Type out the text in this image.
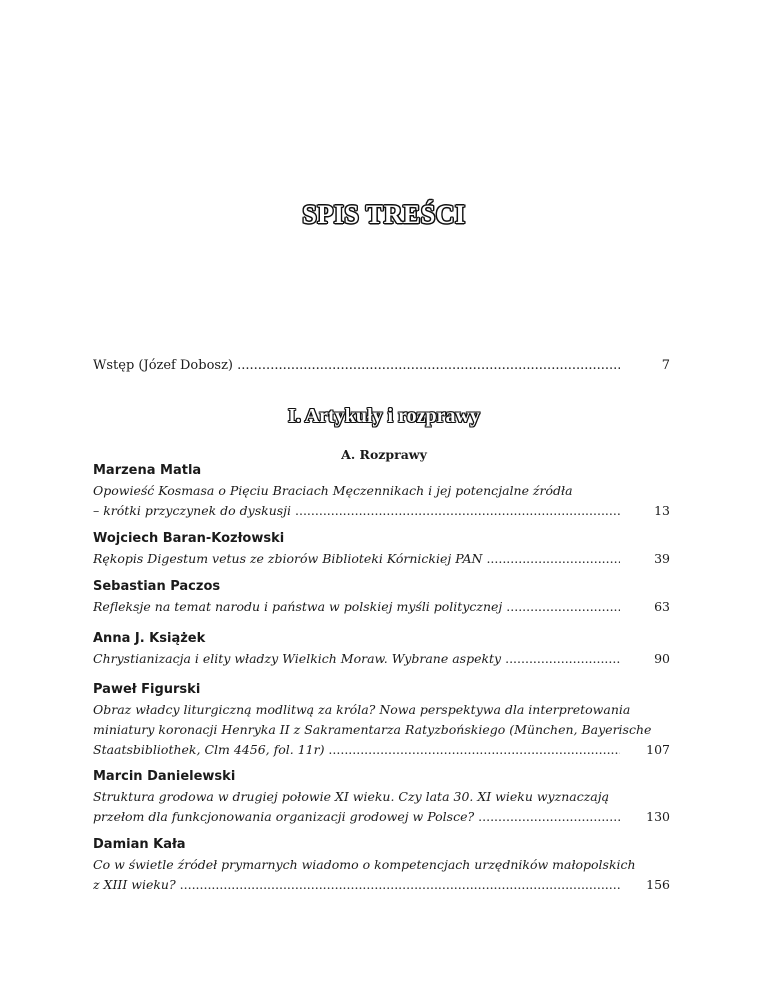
SPIS TREŚCI
Wstęp (Józef Dobosz) .....	7
I. Artykuły i rozprawy
A. Rozprawy
Marzena Matla
Opowieść Kosmasa o Pięciu Braciach Męczennikach i jej potencjalne źródła
– krótki przyczynek do dyskusji .....	13
Wojciech Baran-Kozłowski
Rękopis Digestum vetus ze zbiorów Biblioteki Kórnickiej PAN .....	39
Sebastian Paczos
Refleksje na temat narodu i państwa w polskiej myśli politycznej .....	63
Anna J. Książek
Chrystianizacja i elity władzy Wielkich Moraw. Wybrane aspekty .....	90
Paweł Figurski
Obraz władcy liturgiczną modlitwą za króla? Nowa perspektywa dla interpretowania
miniatury koronacji Henryka II z Sakramentarza Ratyzbońskiego (München, Bayerische
Staatsbibliothek, Clm 4456, fol. 11r) .....	107
Marcin Danielewski
Struktura grodowa w drugiej połowie XI wieku. Czy lata 30. XI wieku wyznaczają
przełom dla funkcjonowania organizacji grodowej w Polsce? .....	130
Damian Kała
Co w świetle źródeł prymarnych wiadomo o kompetencjach urzędników małopolskich
z XIII wieku? .....	156
